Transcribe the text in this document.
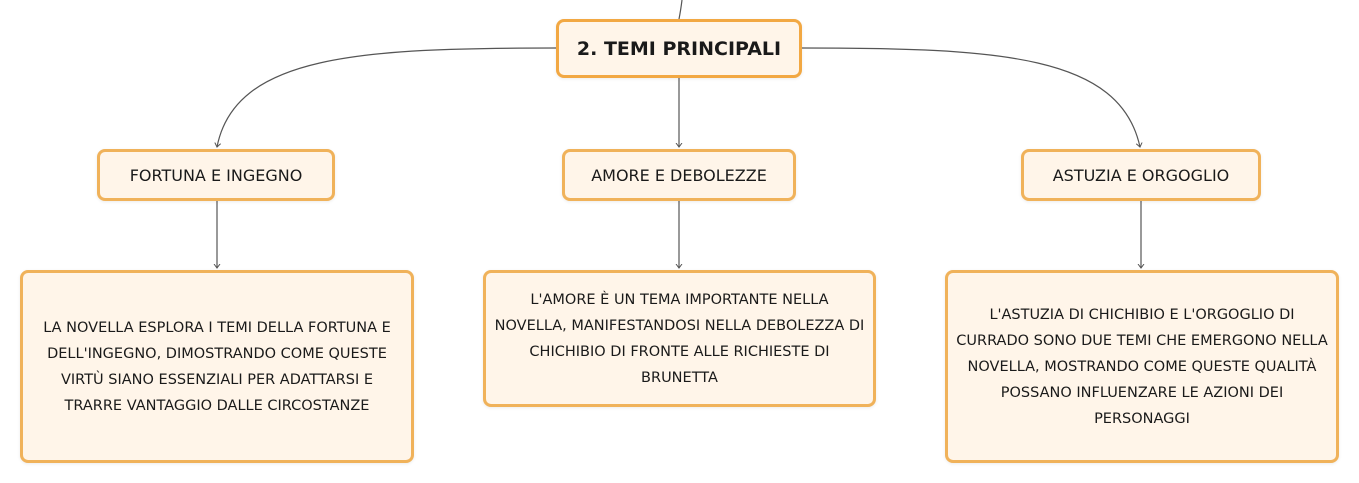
2. TEMI PRINCIPALI
FORTUNA E INGEGNO	AMORE E DEBOLEZZE	ASTUZIA E ORGOGLIO
LA NOVELLA ESPLORA I TEMI DELLA FORTUNA E DELL'INGEGNO, DIMOSTRANDO COME QUESTE VIRTÙ SIANO ESSENZIALI PER ADATTARSI E TRARRE VANTAGGIO DALLE CIRCOSTANZE
L'AMORE È UN TEMA IMPORTANTE NELLA NOVELLA, MANIFESTANDOSI NELLA DEBOLEZZA DI CHICHIBIO DI FRONTE ALLE RICHIESTE DI BRUNETTA
L'ASTUZIA DI CHICHIBIO E L'ORGOGLIO DI CURRADO SONO DUE TEMI CHE EMERGONO NELLA NOVELLA, MOSTRANDO COME QUESTE QUALITÀ POSSANO INFLUENZARE LE AZIONI DEI PERSONAGGI
